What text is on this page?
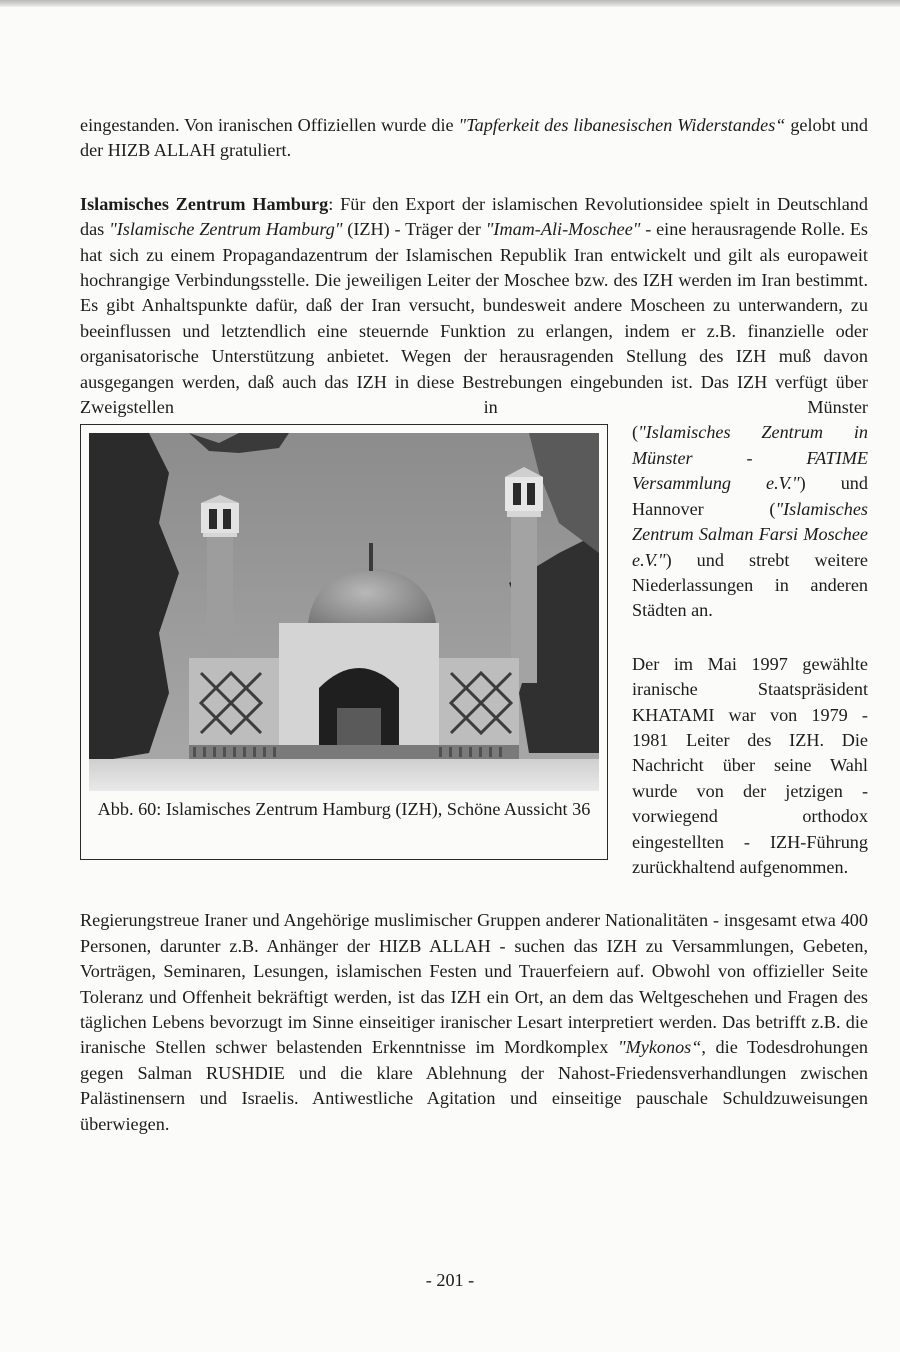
eingestanden. Von iranischen Offiziellen wurde die "Tapferkeit des libanesischen Widerstandes“ gelobt und der HIZB ALLAH gratuliert.

Islamisches Zentrum Hamburg: Für den Export der islamischen Revolutionsidee spielt in Deutschland das "Islamische Zentrum Hamburg" (IZH) - Träger der "Imam-Ali-Moschee" - eine herausragende Rolle. Es hat sich zu einem Propagandazentrum der Islamischen Republik Iran entwickelt und gilt als europaweit hochrangige Verbindungsstelle. Die jeweiligen Leiter der Moschee bzw. des IZH werden im Iran bestimmt. Es gibt Anhaltspunkte dafür, daß der Iran versucht, bundesweit andere Moscheen zu unterwandern, zu beeinflussen und letztendlich eine steuernde Funktion zu erlangen, indem er z.B. finanzielle oder organisatorische Unterstützung anbietet. Wegen der herausragenden Stellung des IZH muß davon ausgegangen werden, daß auch das IZH in diese Bestrebungen eingebunden ist. Das IZH verfügt über Zweigstellen in Münster (
Abb. 60: Islamisches Zentrum Hamburg (IZH), Schöne Aussicht 36
"Islamisches Zentrum in Münster - FATIME Versammlung e.V.") und Hannover ("Islamisches Zentrum Salman Farsi Moschee e.V.") und strebt weitere Niederlassungen in anderen Städten an.

Der im Mai 1997 gewählte iranische Staatspräsident KHATAMI war von 1979 - 1981 Leiter des IZH. Die Nachricht über seine Wahl wurde von der jetzigen - vorwiegend orthodox eingestellten - IZH-Führung zurückhaltend aufgenommen.

Regierungstreue Iraner und Angehörige muslimischer Gruppen anderer Nationalitäten - insgesamt etwa 400 Personen, darunter z.B. Anhänger der HIZB ALLAH - suchen das IZH zu Versammlungen, Gebeten, Vorträgen, Seminaren, Lesungen, islamischen Festen und Trauerfeiern auf. Obwohl von offizieller Seite Toleranz und Offenheit bekräftigt werden, ist das IZH ein Ort, an dem das Weltgeschehen und Fragen des täglichen Lebens bevorzugt im Sinne einseitiger iranischer Lesart interpretiert werden. Das betrifft z.B. die iranische Stellen schwer belastenden Erkenntnisse im Mordkomplex "Mykonos“, die Todesdrohungen gegen Salman RUSHDIE und die klare Ablehnung der Nahost-Friedensverhandlungen zwischen Palästinensern und Israelis. Antiwestliche Agitation und einseitige pauschale Schuldzuweisungen überwiegen.

- 201 -
